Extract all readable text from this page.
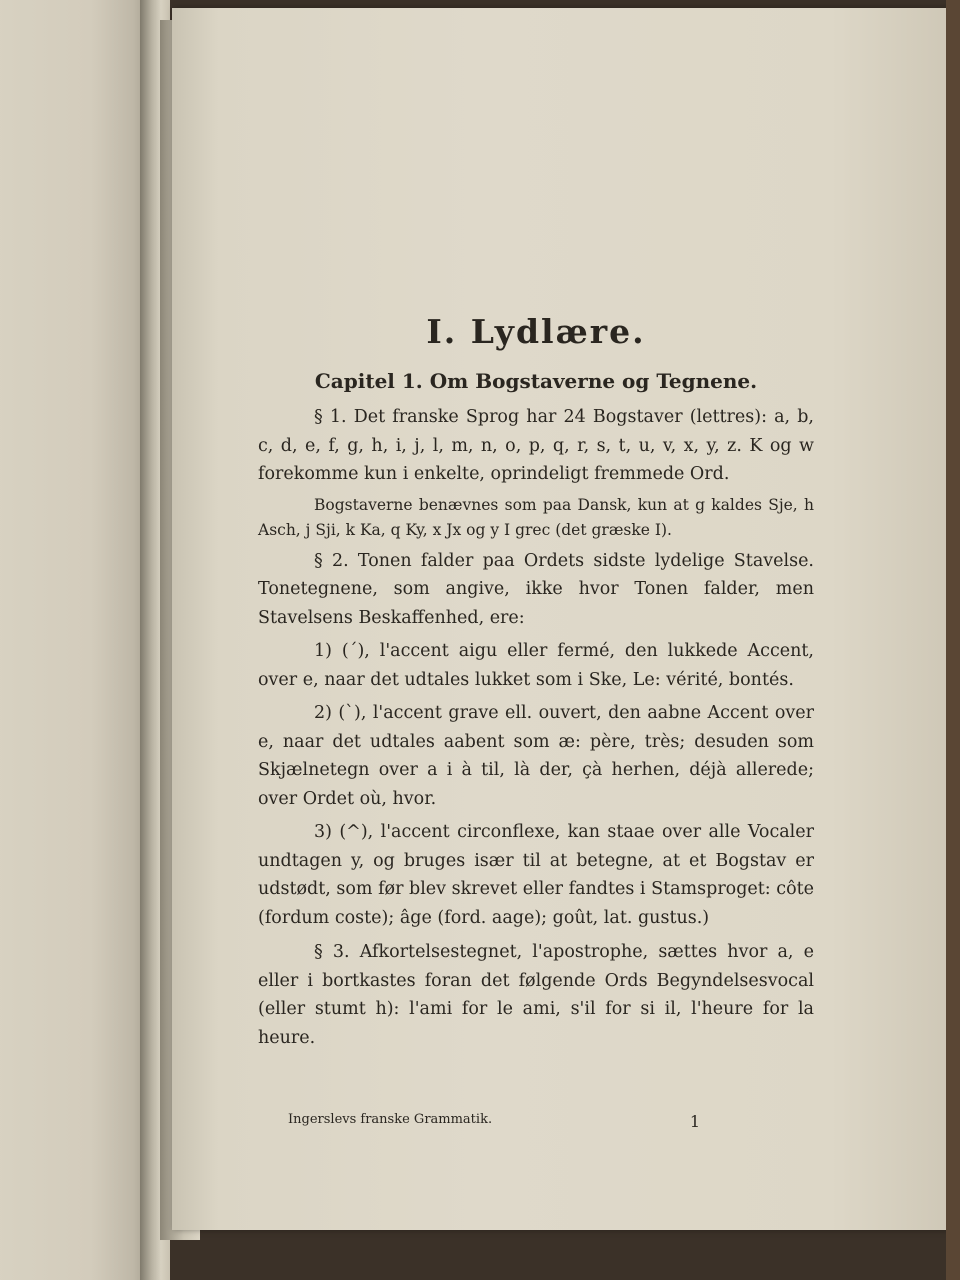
I. Lydlære.
Capitel 1. Om Bogstaverne og Tegnene.

§ 1. Det franske Sprog har 24 Bogstaver (lettres): a, b, c, d, e, f, g, h, i, j, l, m, n, o, p, q, r, s, t, u, v, x, y, z. K og w forekomme kun i enkelte, oprindeligt fremmede Ord.

Bogstaverne benævnes som paa Dansk, kun at g kaldes Sje, h Asch, j Sji, k Ka, q Ky, x Jx og y I grec (det græske I).

§ 2. Tonen falder paa Ordets sidste lydelige Stavelse. Tonetegnene, som angive, ikke hvor Tonen falder, men Stavelsens Beskaffenhed, ere:

1) (´), l'accent aigu eller fermé, den lukkede Accent, over e, naar det udtales lukket som i Ske, Le: vérité, bontés.

2) (`), l'accent grave ell. ouvert, den aabne Accent over e, naar det udtales aabent som æ: père, très; desuden som Skjælnetegn over a i à til, là der, çà herhen, déjà allerede; over Ordet où, hvor.

3) (^), l'accent circonflexe, kan staae over alle Vocaler undtagen y, og bruges især til at betegne, at et Bogstav er udstødt, som før blev skrevet eller fandtes i Stamsproget: côte (fordum coste); âge (ford. aage); goût, lat. gustus.)

§ 3. Afkortelsestegnet, l'apostrophe, sættes hvor a, e eller i bortkastes foran det følgende Ords Begyndelsesvocal (eller stumt h): l'ami for le ami, s'il for si il, l'heure for la heure.

Ingerslevs franske Grammatik.	1
